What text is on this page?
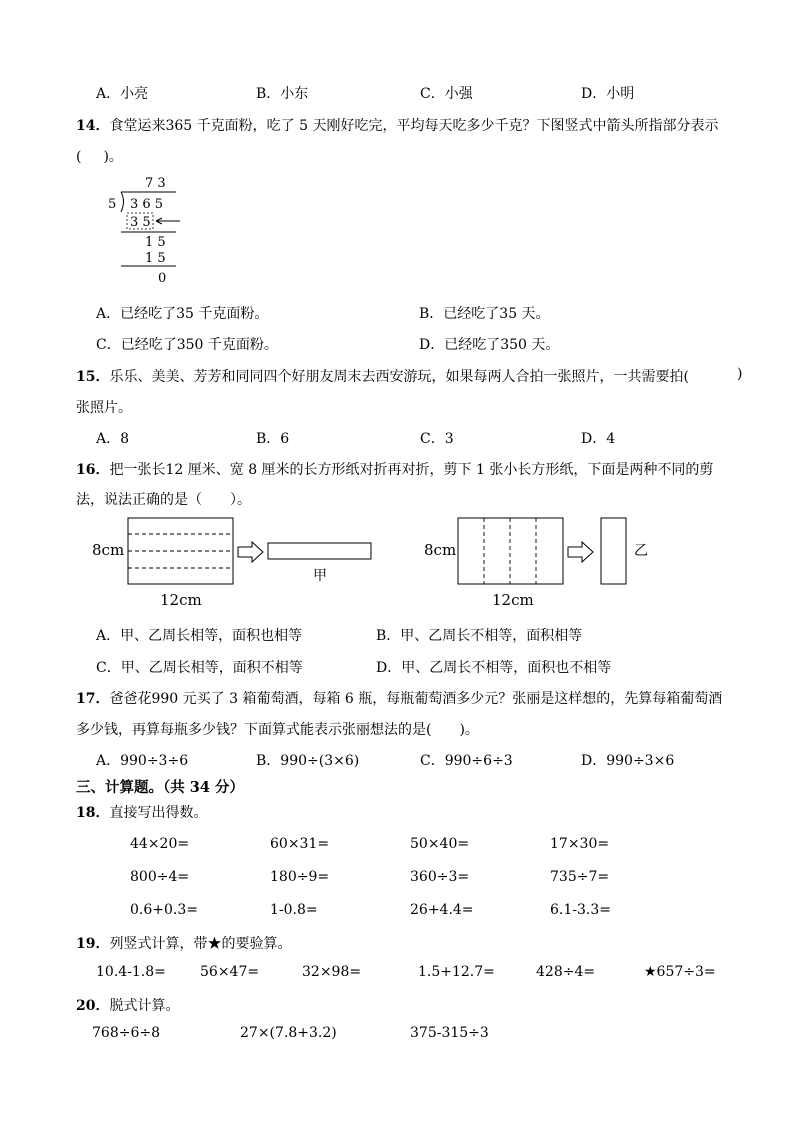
A．小亮	B．小东	C．小强	D．小明
14．食堂运来365 千克面粉，吃了 5 天刚好吃完，平均每天吃多少千克？下图竖式中箭头所指部分表示
( )。
7 3
5 3 6 5
3 5
1 5
1 5
0
A．已经吃了35 千克面粉。	B．已经吃了35 天。
C．已经吃了350 千克面粉。	D．已经吃了350 天。
15．乐乐、美美、芳芳和同同四个好朋友周末去西安游玩，如果每两人合拍一张照片，一共需要拍(	)
张照片。
A．8	B．6	C．3	D．4
16．把一张长12 厘米、宽 8 厘米的长方形纸对折再对折，剪下 1 张小长方形纸，下面是两种不同的剪
法，说法正确的是（　　）。
8cm
12cm
甲
8cm
12cm
乙
A．甲、乙周长相等，面积也相等	B．甲、乙周长不相等，面积相等
C．甲、乙周长相等，面积不相等	D．甲、乙周长不相等，面积也不相等
17．爸爸花990 元买了 3 箱葡萄酒，每箱 6 瓶，每瓶葡萄酒多少元？张丽是这样想的，先算每箱葡萄酒
多少钱，再算每瓶多少钱？下面算式能表示张丽想法的是(　　)。
A．990÷3÷6	B．990÷(3×6)	C．990÷6÷3	D．990÷3×6
三、计算题。（共 34 分）
18．直接写出得数。
44×20=	60×31=	50×40=	17×30=
800÷4=	180÷9=	360÷3=	735÷7=
0.6+0.3=	1-0.8=	26+4.4=	6.1-3.3=
19．列竖式计算，带★的要验算。
10.4-1.8= 56×47=	32×98=	1.5+12.7=	428÷4=	★657÷3=
20．脱式计算。
768÷6÷8	27×(7.8+3.2)	375-315÷3
